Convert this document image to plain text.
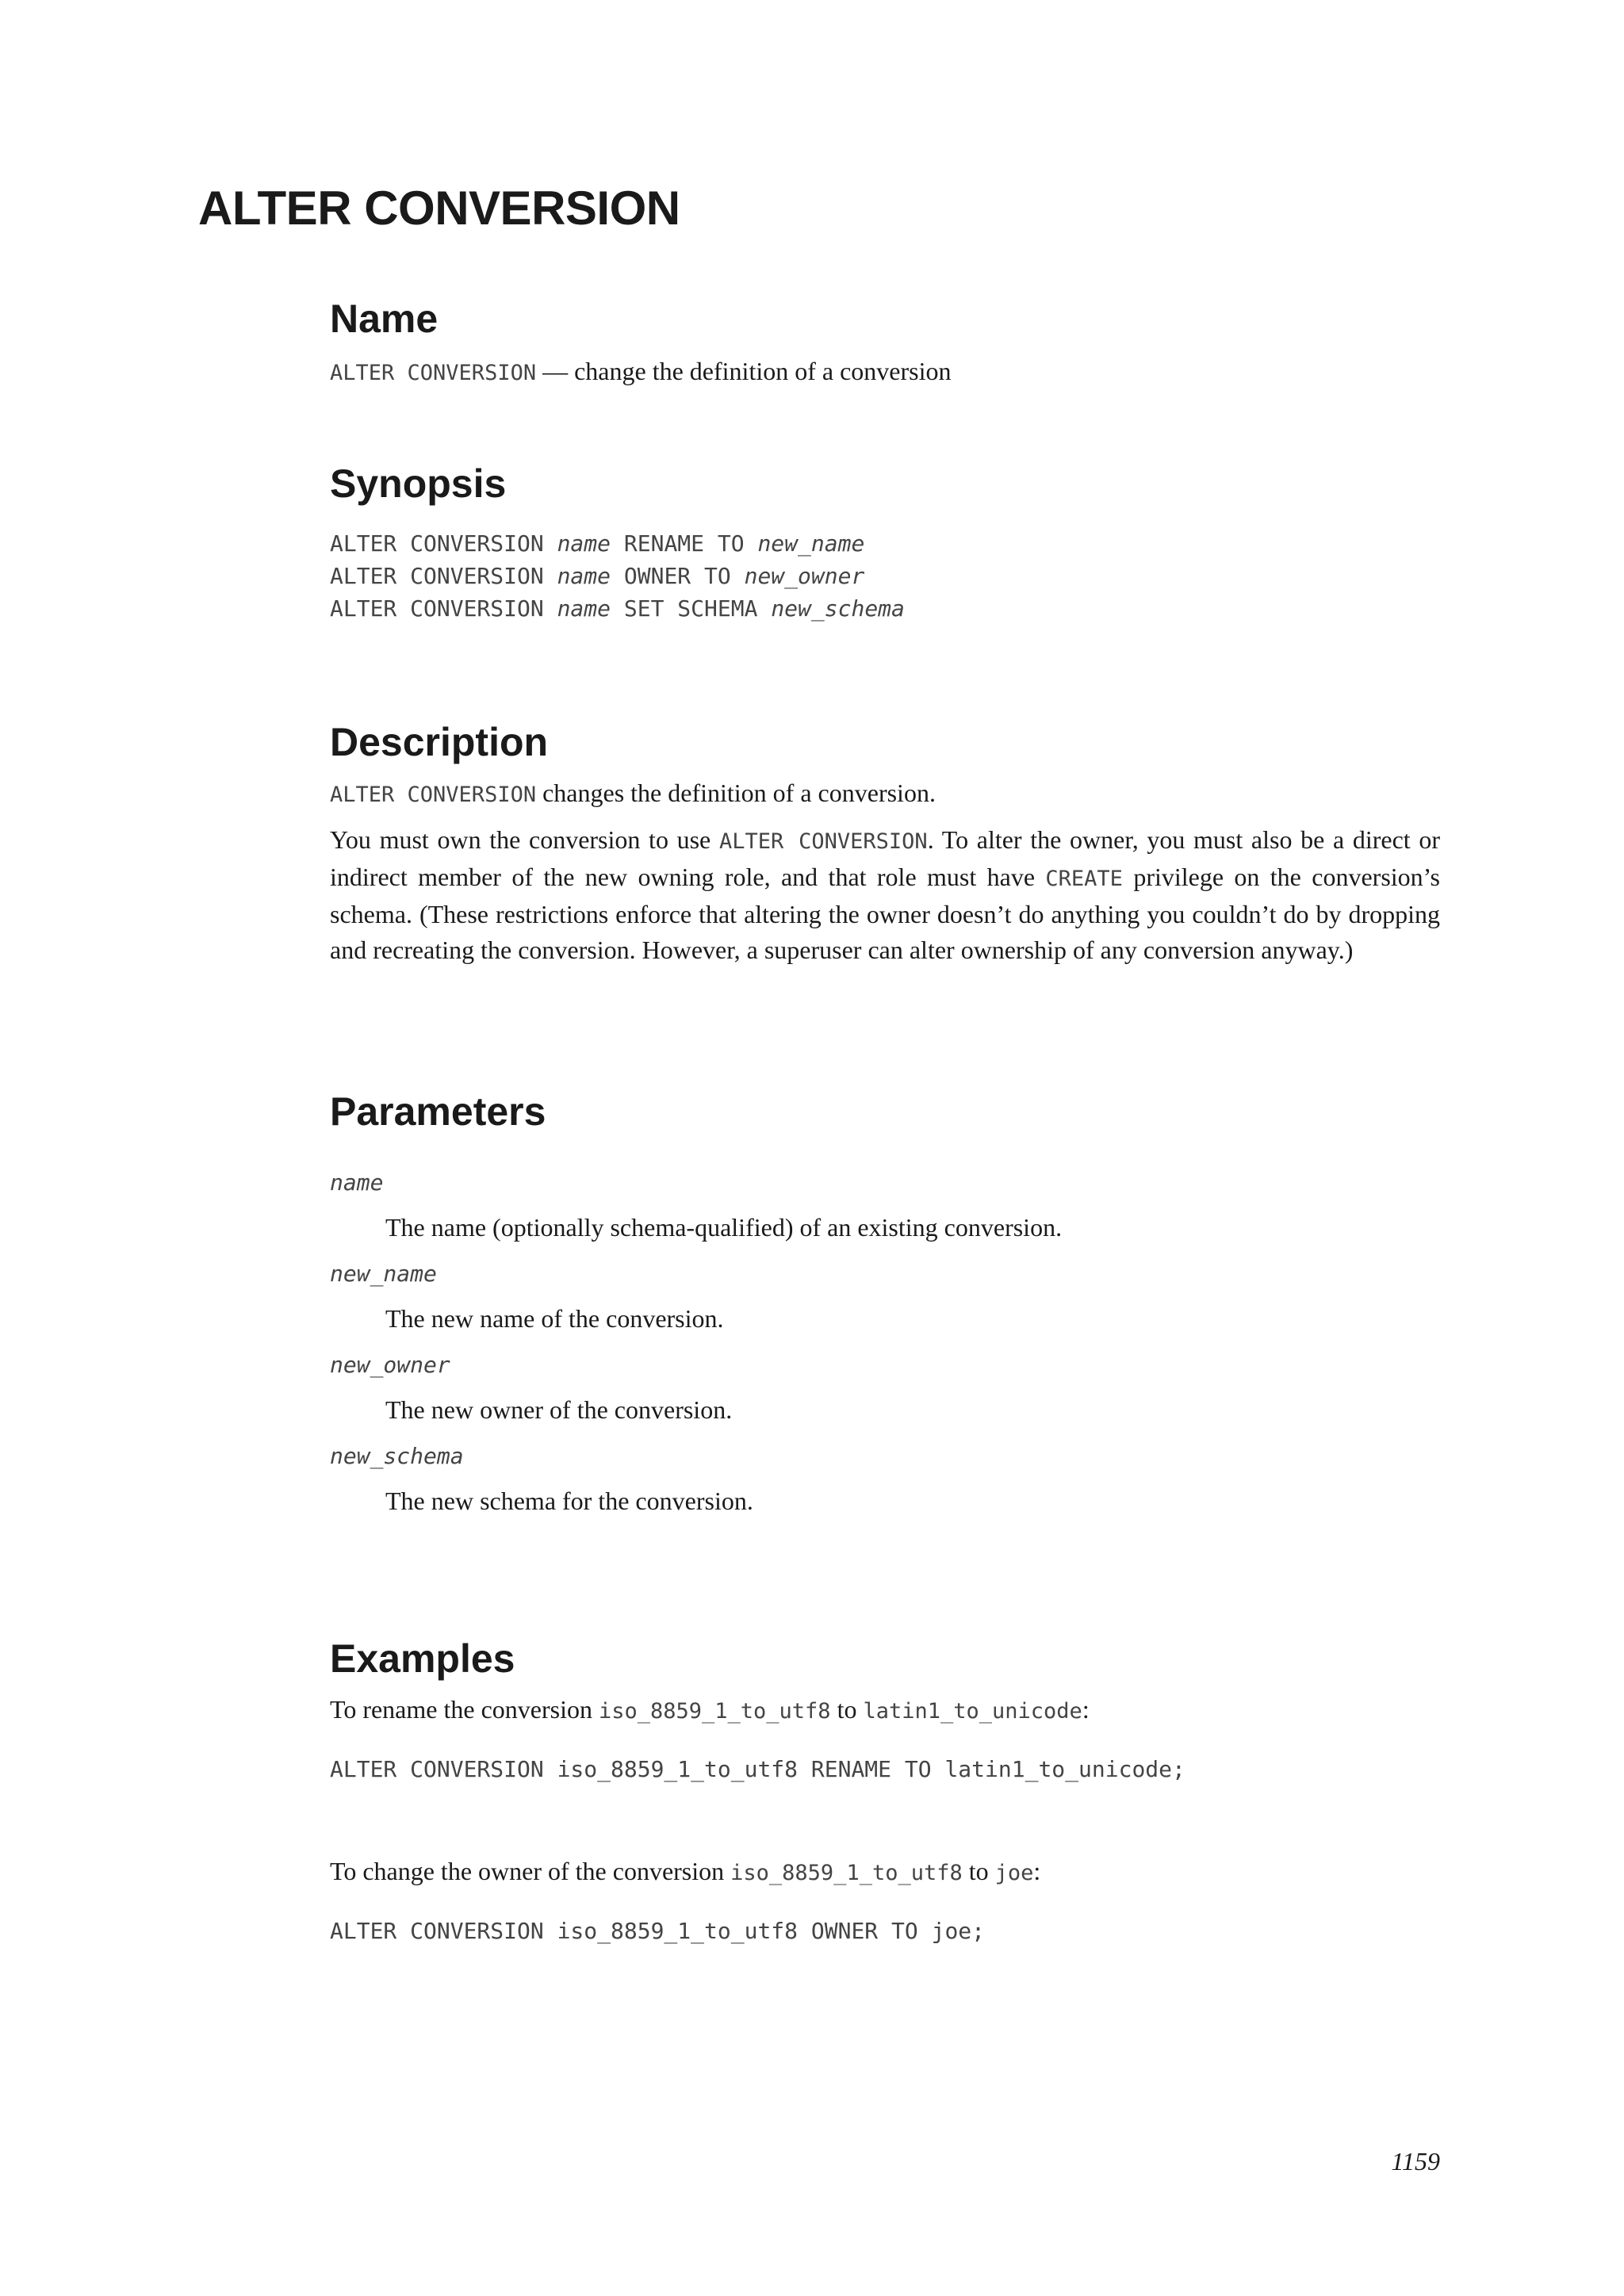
ALTER CONVERSION
Name

ALTER CONVERSION — change the definition of a conversion

Synopsis

ALTER CONVERSION name RENAME TO new_name

ALTER CONVERSION name OWNER TO new_owner

ALTER CONVERSION name SET SCHEMA new_schema

Description

ALTER CONVERSION changes the definition of a conversion.

You must own the conversion to use ALTER CONVERSION. To alter the owner, you must also be a direct or indirect member of the new owning role, and that role must have CREATE privilege on the conversion’s schema. (These restrictions enforce that altering the owner doesn’t do anything you couldn’t do by dropping and recreating the conversion. However, a superuser can alter ownership of any conversion anyway.)

Parameters

name

The name (optionally schema-qualified) of an existing conversion.

new_name

The new name of the conversion.

new_owner

The new owner of the conversion.

new_schema

The new schema for the conversion.

Examples

To rename the conversion iso_8859_1_to_utf8 to latin1_to_unicode:

ALTER CONVERSION iso_8859_1_to_utf8 RENAME TO latin1_to_unicode;

To change the owner of the conversion iso_8859_1_to_utf8 to joe:

ALTER CONVERSION iso_8859_1_to_utf8 OWNER TO joe;

1159
